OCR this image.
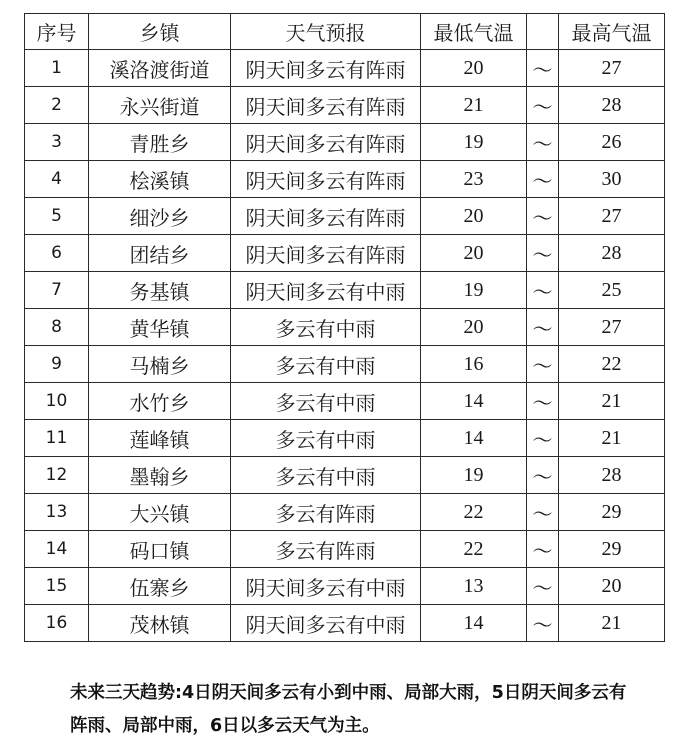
序号	乡镇	天气预报	最低气温		最高气温
1	溪洛渡街道	阴天间多云有阵雨	20	～	27
2	永兴街道	阴天间多云有阵雨	21	～	28
3	青胜乡	阴天间多云有阵雨	19	～	26
4	桧溪镇	阴天间多云有阵雨	23	～	30
5	细沙乡	阴天间多云有阵雨	20	～	27
6	团结乡	阴天间多云有阵雨	20	～	28
7	务基镇	阴天间多云有中雨	19	～	25
8	黄华镇	多云有中雨	20	～	27
9	马楠乡	多云有中雨	16	～	22
10	水竹乡	多云有中雨	14	～	21
11	莲峰镇	多云有中雨	14	～	21
12	墨翰乡	多云有中雨	19	～	28
13	大兴镇	多云有阵雨	22	～	29
14	码口镇	多云有阵雨	22	～	29
15	伍寨乡	阴天间多云有中雨	13	～	20
16	茂林镇	阴天间多云有中雨	14	～	21

未来三天趋势:4日阴天间多云有小到中雨、局部大雨，5日阴天间多云有阵雨、局部中雨，6日以多云天气为主。
